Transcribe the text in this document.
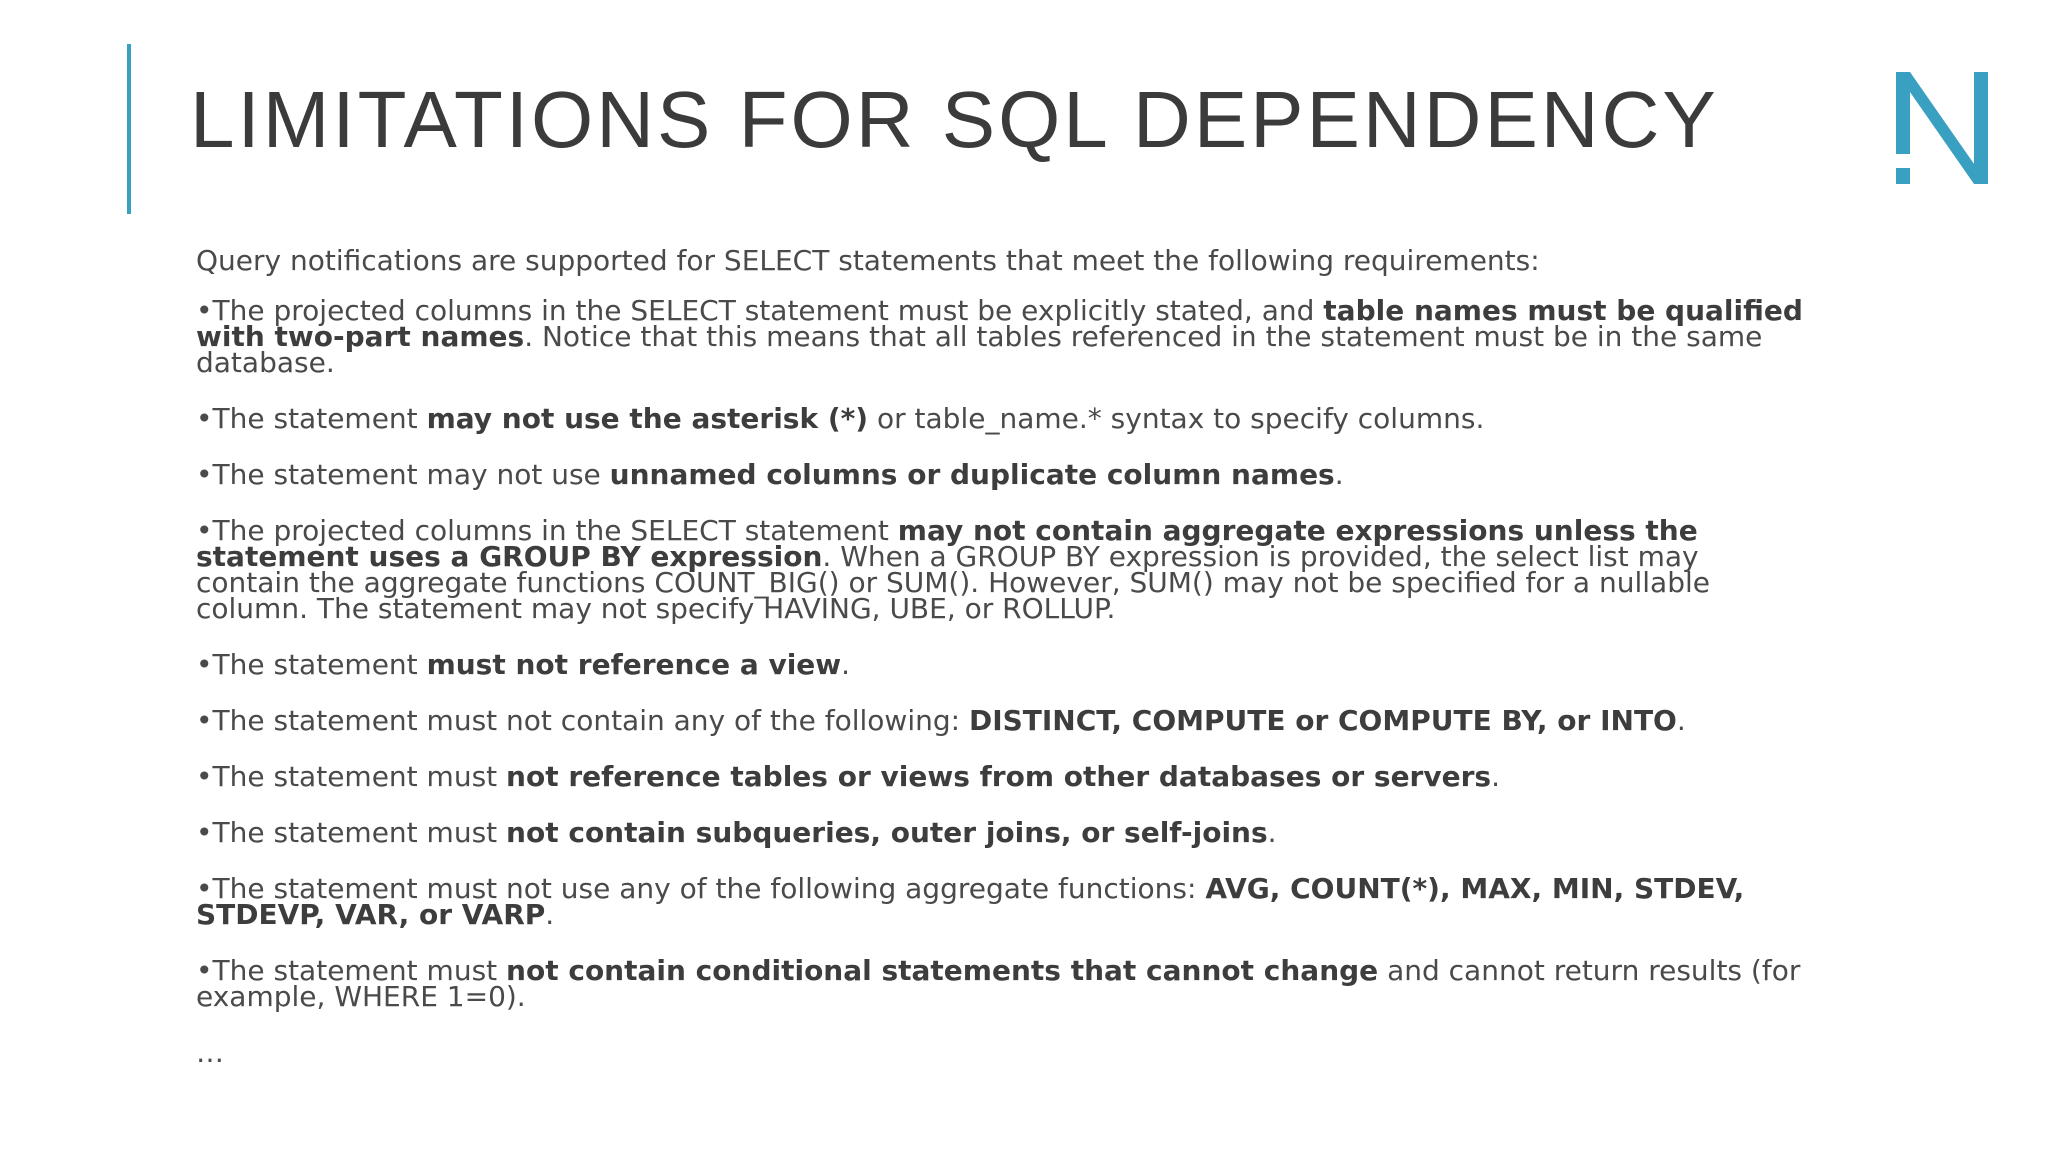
LIMITATIONS FOR SQL DEPENDENCY

Query notifications are supported for SELECT statements that meet the following requirements:

•The projected columns in the SELECT statement must be explicitly stated, and table names must be qualified with two-part names. Notice that this means that all tables referenced in the statement must be in the same database.

•The statement may not use the asterisk (*) or table_name.* syntax to specify columns.

•The statement may not use unnamed columns or duplicate column names.

•The projected columns in the SELECT statement may not contain aggregate expressions unless the statement uses a GROUP BY expression. When a GROUP BY expression is provided, the select list may contain the aggregate functions COUNT_BIG() or SUM(). However, SUM() may not be specified for a nullable column. The statement may not specify HAVING, UBE, or ROLLUP.

•The statement must not reference a view.

•The statement must not contain any of the following: DISTINCT, COMPUTE or COMPUTE BY, or INTO.

•The statement must not reference tables or views from other databases or servers.

•The statement must not contain subqueries, outer joins, or self-joins.

•The statement must not use any of the following aggregate functions: AVG, COUNT(*), MAX, MIN, STDEV, STDEVP, VAR, or VARP.

•The statement must not contain conditional statements that cannot change and cannot return results (for example, WHERE 1=0).

…
